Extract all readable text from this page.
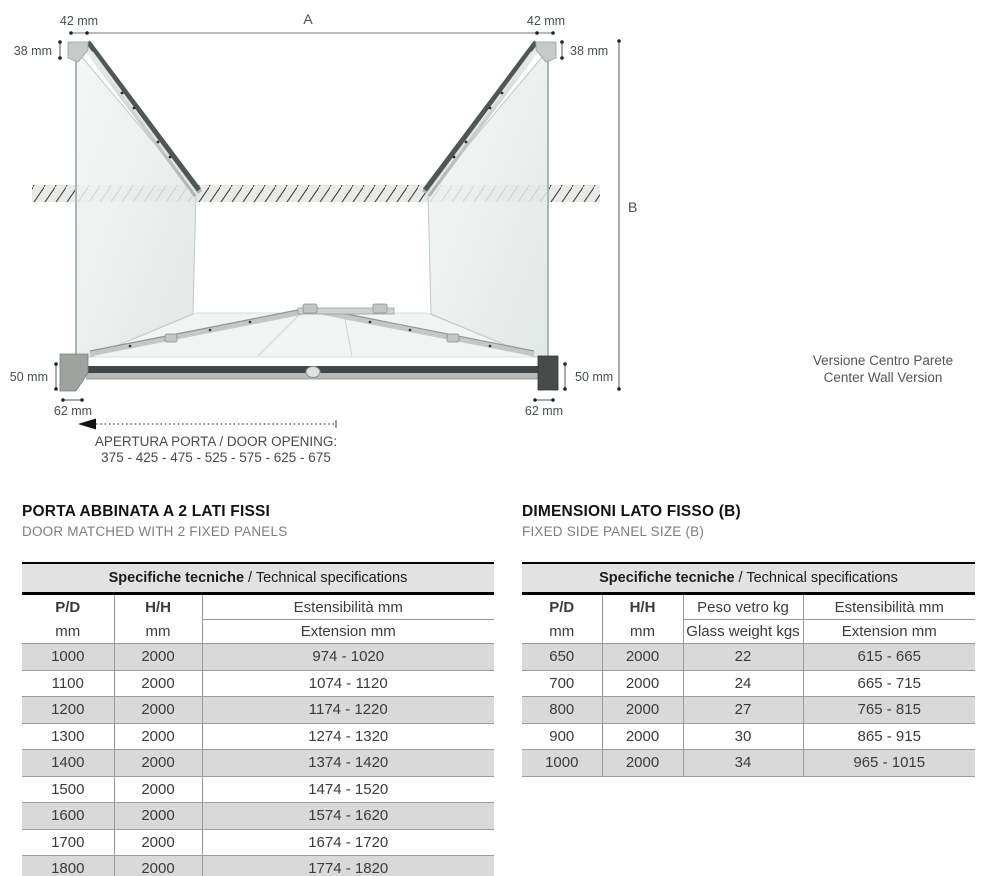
A
42 mm	42 mm
38 mm	38 mm
B
50 mm	50 mm
62 mm	62 mm
APERTURA PORTA / DOOR OPENING:
375 - 425 - 475 - 525 - 575 - 625 - 675
Versione Centro Parete
Center Wall Version
PORTA ABBINATA A 2 LATI FISSI
DOOR MATCHED WITH 2 FIXED PANELS
Specifiche tecniche / Technical specifications		
P/D	H/H	Estensibilità mm
mm	mm	Extension mm
1000	2000	974 - 1020
1100	2000	1074 - 1120
1200	2000	1174 - 1220
1300	2000	1274 - 1320
1400	2000	1374 - 1420
1500	2000	1474 - 1520
1600	2000	1574 - 1620
1700	2000	1674 - 1720
1800	2000	1774 - 1820
DIMENSIONI LATO FISSO (B)
FIXED SIDE PANEL SIZE (B)
Specifiche tecniche / Technical specifications			
P/D	H/H	Peso vetro kg	Estensibilità mm
mm	mm	Glass weight kgs	Extension mm
650	2000	22	615 - 665
700	2000	24	665 - 715
800	2000	27	765 - 815
900	2000	30	865 - 915
1000	2000	34	965 - 1015
